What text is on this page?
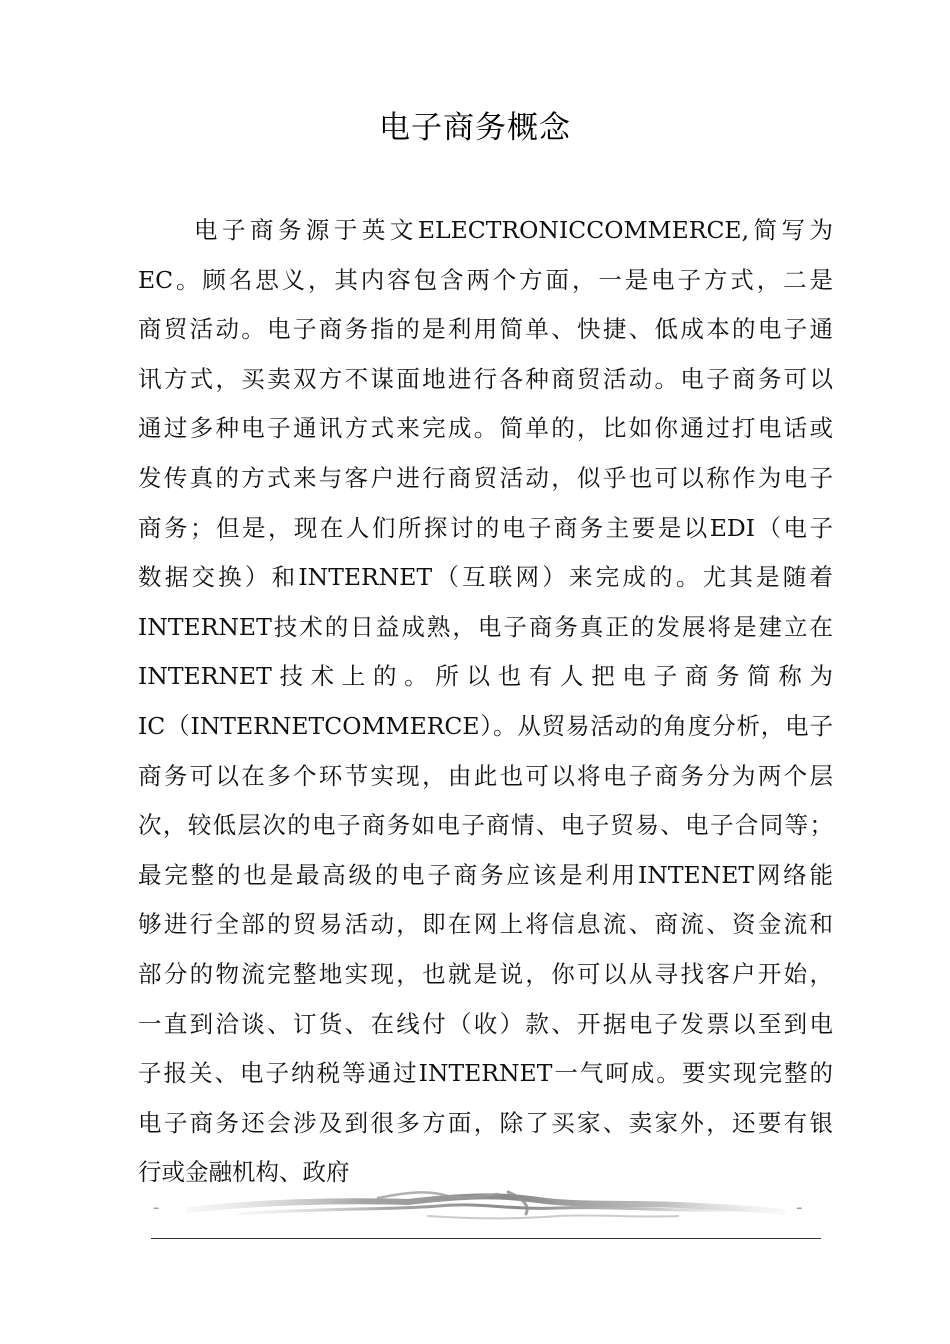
电子商务概念
电子商务源于英文ELECTRONICCOMMERCE,简写为
EC。顾名思义，其内容包含两个方面，一是电子方式，二是
商贸活动。电子商务指的是利用简单、快捷、低成本的电子通
讯方式，买卖双方不谋面地进行各种商贸活动。电子商务可以
通过多种电子通讯方式来完成。简单的，比如你通过打电话或
发传真的方式来与客户进行商贸活动，似乎也可以称作为电子
商务；但是，现在人们所探讨的电子商务主要是以EDI（电子
数据交换）和INTERNET（互联网）来完成的。尤其是随着
INTERNET技术的日益成熟，电子商务真正的发展将是建立在
INTERNET技术上的。所以也有人把电子商务简称为
IC（INTERNETCOMMERCE）。从贸易活动的角度分析，电子
商务可以在多个环节实现，由此也可以将电子商务分为两个层
次，较低层次的电子商务如电子商情、电子贸易、电子合同等；
最完整的也是最高级的电子商务应该是利用INTENET网络能
够进行全部的贸易活动，即在网上将信息流、商流、资金流和
部分的物流完整地实现，也就是说，你可以从寻找客户开始，
一直到洽谈、订货、在线付（收）款、开据电子发票以至到电
子报关、电子纳税等通过INTERNET一气呵成。要实现完整的
电子商务还会涉及到很多方面，除了买家、卖家外，还要有银
行或金融机构、政府
-	-
